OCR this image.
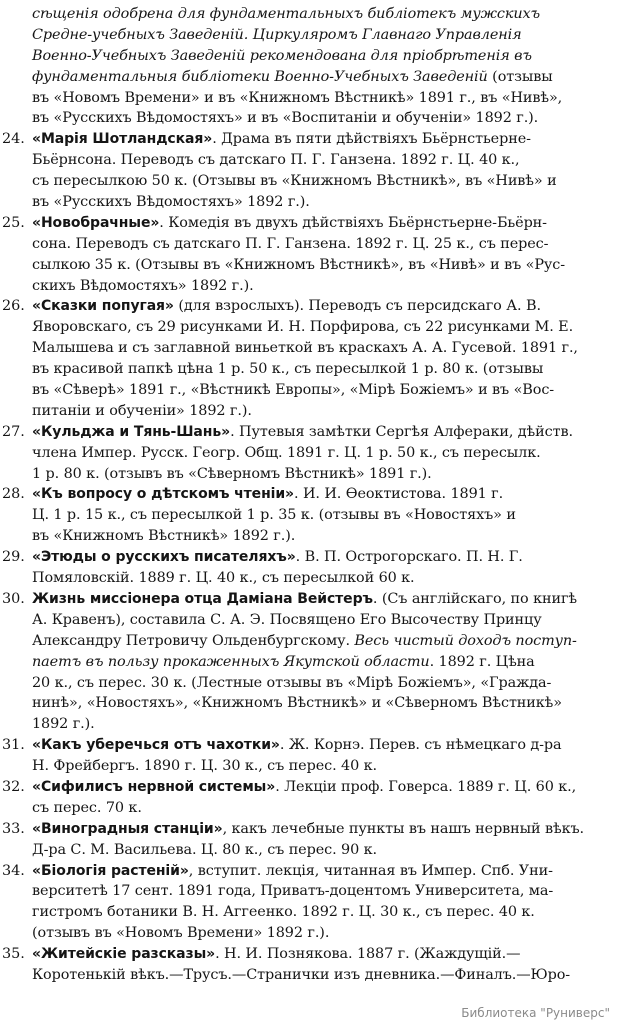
сѣщенія одобрена для фундаментальныхъ библіотекъ мужскихъ
Средне-учебныхъ Заведеній. Циркуляромъ Главнаго Управленія
Военно-Учебныхъ Заведеній рекомендована для пріобрѣтенія въ
фундаментальныя библіотеки Военно-Учебныхъ Заведеній (отзывы
въ «Новомъ Времени» и въ «Книжномъ Вѣстникѣ» 1891 г., въ «Нивѣ»,
въ «Русскихъ Вѣдомостяхъ» и въ «Воспитаніи и обученіи» 1892 г.).
24. «Марія Шотландская». Драма въ пяти дѣйствіяхъ Бьёрнстьерне-
Бьёрнсона. Переводъ съ датскаго П. Г. Ганзена. 1892 г. Ц. 40 к.,
съ пересылкою 50 к. (Отзывы въ «Книжномъ Вѣстникѣ», въ «Нивѣ» и
въ «Русскихъ Вѣдомостяхъ» 1892 г.).
25. «Новобрачные». Комедія въ двухъ дѣйствіяхъ Бьёрнстьерне-Бьёрн-
сона. Переводъ съ датскаго П. Г. Ганзена. 1892 г. Ц. 25 к., съ перес-
сылкою 35 к. (Отзывы въ «Книжномъ Вѣстникѣ», въ «Нивѣ» и въ «Рус-
скихъ Вѣдомостяхъ» 1892 г.).
26. «Сказки попугая» (для взрослыхъ). Переводъ съ персидскаго А. В.
Яворовскаго, съ 29 рисунками И. Н. Порфирова, съ 22 рисунками М. Е.
Малышева и съ заглавной виньеткой въ краскахъ А. А. Гусевой. 1891 г.,
въ красивой папкѣ цѣна 1 р. 50 к., съ пересылкой 1 р. 80 к. (отзывы
въ «Сѣверѣ» 1891 г., «Вѣстникѣ Европы», «Мірѣ Божіемъ» и въ «Вос-
питаніи и обученіи» 1892 г.).
27. «Кульджа и Тянь-Шань». Путевыя замѣтки Сергѣя Алфераки, дѣйств.
члена Импер. Русск. Геогр. Общ. 1891 г. Ц. 1 р. 50 к., съ пересылк.
1 р. 80 к. (отзывъ въ «Сѣверномъ Вѣстникѣ» 1891 г.).
28. «Къ вопросу о дѣтскомъ чтеніи». И. И. Ѳеоктистова. 1891 г.
Ц. 1 р. 15 к., съ пересылкой 1 р. 35 к. (отзывы въ «Новостяхъ» и
въ «Книжномъ Вѣстникѣ» 1892 г.).
29. «Этюды о русскихъ писателяхъ». В. П. Острогорскаго. П. Н. Г.
Помяловскій. 1889 г. Ц. 40 к., съ пересылкой 60 к.
30. Жизнь миссіонера отца Даміана Вейстеръ. (Съ англійскаго, по книгѣ
А. Кравенъ), составила С. А. Э. Посвящено Его Высочеству Принцу
Александру Петровичу Ольденбургскому. Весь чистый доходъ поступ-
паетъ въ пользу прокаженныхъ Якутской области. 1892 г. Цѣна
20 к., съ перес. 30 к. (Лестные отзывы въ «Мірѣ Божіемъ», «Граждa-
нинѣ», «Новостяхъ», «Книжномъ Вѣстникѣ» и «Сѣверномъ Вѣстникѣ»
1892 г.).
31. «Какъ уберечься отъ чахотки». Ж. Корнэ. Перев. съ нѣмецкаго д-ра
Н. Фрейбергъ. 1890 г. Ц. 30 к., съ перес. 40 к.
32. «Сифилисъ нервной системы». Лекціи проф. Говерса. 1889 г. Ц. 60 к.,
съ перес. 70 к.
33. «Виноградныя станціи», какъ лечебные пункты въ нашъ нервный вѣкъ.
Д-ра С. М. Васильева. Ц. 80 к., съ перес. 90 к.
34. «Біологія растеній», вступит. лекція, читанная въ Импер. Спб. Уни-
верситетѣ 17 сент. 1891 года, Приватъ-доцентомъ Университета, ма-
гистромъ ботаники В. Н. Аггеенко. 1892 г. Ц. 30 к., съ перес. 40 к.
(отзывъ въ «Новомъ Времени» 1892 г.).
35. «Житейскіе разсказы». Н. И. Познякова. 1887 г. (Жаждущій.—
Коротенькій вѣкъ.—Трусъ.—Странички изъ дневника.—Финалъ.—Юро-
Библиотека "Руниверс"
